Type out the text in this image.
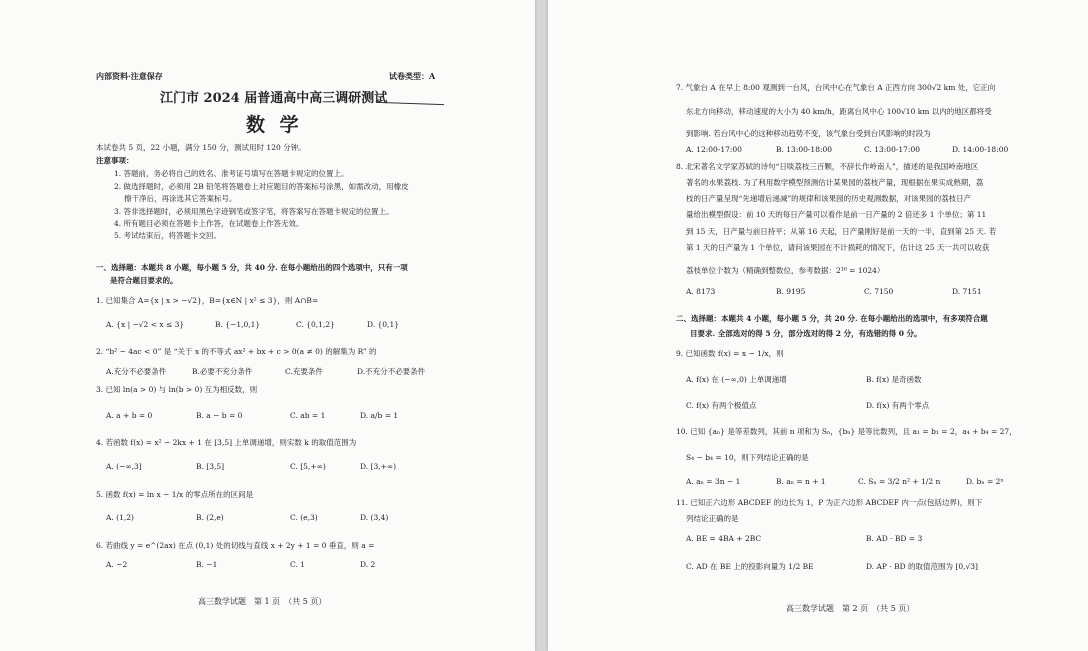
内部资料·注意保存	试卷类型：A
江门市 2024 届普通高中高三调研测试
数 学
本试卷共 5 页，22 小题，满分 150 分，测试用时 120 分钟。
注意事项：
1. 答题前，务必将自己的姓名、准考证号填写在答题卡规定的位置上。
2. 做选择题时，必须用 2B 铅笔将答题卷上对应题目的答案标号涂黑，如需改动，用橡皮
擦干净后，再涂选其它答案标号。
3. 答非选择题时，必须用黑色字迹钢笔或签字笔，将答案写在答题卡规定的位置上。
4. 所有题目必须在答题卡上作答，在试题卷上作答无效。
5. 考试结束后，将答题卡交回。
一、选择题：本题共 8 小题，每小题 5 分，共 40 分. 在每小题给出的四个选项中，只有一项
是符合题目要求的。
1. 已知集合 A={x | x > −√2}，B={x∈N | x² ≤ 3}，则 A∩B=
A. {x | −√2 < x ≤ 3}	B. {−1,0,1}	C. {0,1,2}	D. {0,1}
2. “b² − 4ac < 0” 是 “关于 x 的不等式 ax² + bx + c > 0(a ≠ 0) 的解集为 R” 的
A.充分不必要条件	B.必要不充分条件	C.充要条件	D.不充分不必要条件
3. 已知 ln(a > 0) 与 ln(b > 0) 互为相反数，则
A. a + b = 0	B. a − b = 0	C. ab = 1	D. a/b = 1
4. 若函数 f(x) = x² − 2kx + 1 在 [3,5] 上单调递增，则实数 k 的取值范围为
A. (−∞,3]	B. [3,5]	C. [5,+∞)	D. [3,+∞)
5. 函数 f(x) = ln x − 1/x 的零点所在的区间是
A. (1,2)	B. (2,e)	C. (e,3)	D. (3,4)
6. 若曲线 y = e^(2ax) 在点 (0,1) 处的切线与直线 x + 2y + 1 = 0 垂直，则 a =
A. −2	B. −1	C. 1	D. 2
高三数学试题　第 1 页　（共 5 页）
7. 气象台 A 在早上 8:00 观测到一台风，台风中心在气象台 A 正西方向 300√2 km 处，它正向
东北方向移动，移动速度的大小为 40 km/h，距离台风中心 100√10 km 以内的地区都将受
到影响. 若台风中心的这种移动趋势不变，该气象台受到台风影响的时段为
A. 12:00-17:00	B. 13:00-18:00	C. 13:00-17:00	D. 14:00-18:00
8. 北宋著名文学家苏轼的诗句“日啖荔枝三百颗，不辞长作岭南人”，描述的是我国岭南地区
著名的水果荔枝. 为了利用数学模型预测估计某果园的荔枝产量，现根据在果实成熟期，荔
枝的日产量呈现“先递增后递减”的规律和该果园的历史观测数据，对该果园的荔枝日产
量给出模型假设：前 10 天的每日产量可以看作是前一日产量的 2 倍还多 1 个单位；第 11
到 15 天，日产量与前日持平；从第 16 天起，日产量刚好是前一天的一半，直到第 25 天. 若
第 1 天的日产量为 1 个单位，请问该果园在不计损耗的情况下，估计这 25 天一共可以收获
荔枝单位个数为（精确到整数位，参考数据：2¹⁰ = 1024）
A. 8173	B. 9195	C. 7150	D. 7151
二、选择题：本题共 4 小题，每小题 5 分，共 20 分. 在每小题给出的选项中，有多项符合题
目要求. 全部选对的得 5 分，部分选对的得 2 分，有选错的得 0 分。
9. 已知函数 f(x) = x − 1/x，则
A. f(x) 在 (−∞,0) 上单调递增	B. f(x) 是奇函数
C. f(x) 有两个极值点	D. f(x) 有两个零点
10. 已知 {aₙ} 是等差数列，其前 n 项和为 Sₙ，{bₙ} 是等比数列，且 a₁ = b₁ = 2，a₄ + b₄ = 27，
S₄ − b₄ = 10，则下列结论正确的是
A. aₙ = 3n − 1	B. aₙ = n + 1	C. Sₙ = 3/2 n² + 1/2 n	D. bₙ = 2ⁿ
11. 已知正六边形 ABCDEF 的边长为 1，P 为正六边形 ABCDEF 内一点(包括边界)，则下
列结论正确的是
A. BE = 4BA + 2BC	B. AD · BD = 3
C. AD 在 BE 上的投影向量为 1/2 BE	D. AP · BD 的取值范围为 [0,√3]
高三数学试题　第 2 页　（共 5 页）
